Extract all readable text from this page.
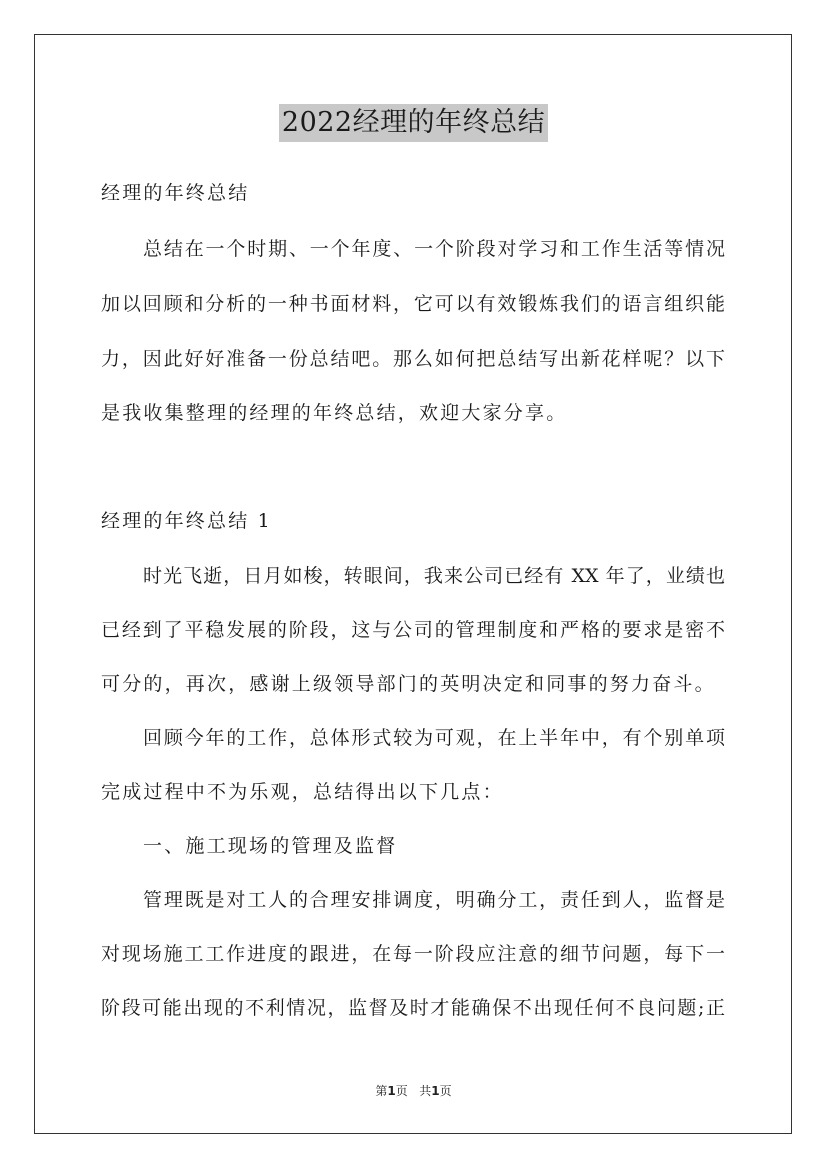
2022经理的年终总结
经理的年终总结
总结在一个时期、一个年度、一个阶段对学习和工作生活等情况
加以回顾和分析的一种书面材料，它可以有效锻炼我们的语言组织能
力，因此好好准备一份总结吧。那么如何把总结写出新花样呢？以下
是我收集整理的经理的年终总结，欢迎大家分享。
经理的年终总结 1
时光飞逝，日月如梭，转眼间，我来公司已经有 XX 年了，业绩也
已经到了平稳发展的阶段，这与公司的管理制度和严格的要求是密不
可分的，再次，感谢上级领导部门的英明决定和同事的努力奋斗。
回顾今年的工作，总体形式较为可观，在上半年中，有个别单项
完成过程中不为乐观，总结得出以下几点：
一、施工现场的管理及监督
管理既是对工人的合理安排调度，明确分工，责任到人，监督是
对现场施工工作进度的跟进，在每一阶段应注意的细节问题，每下一
阶段可能出现的不利情况，监督及时才能确保不出现任何不良问题;正
第1页 共1页
